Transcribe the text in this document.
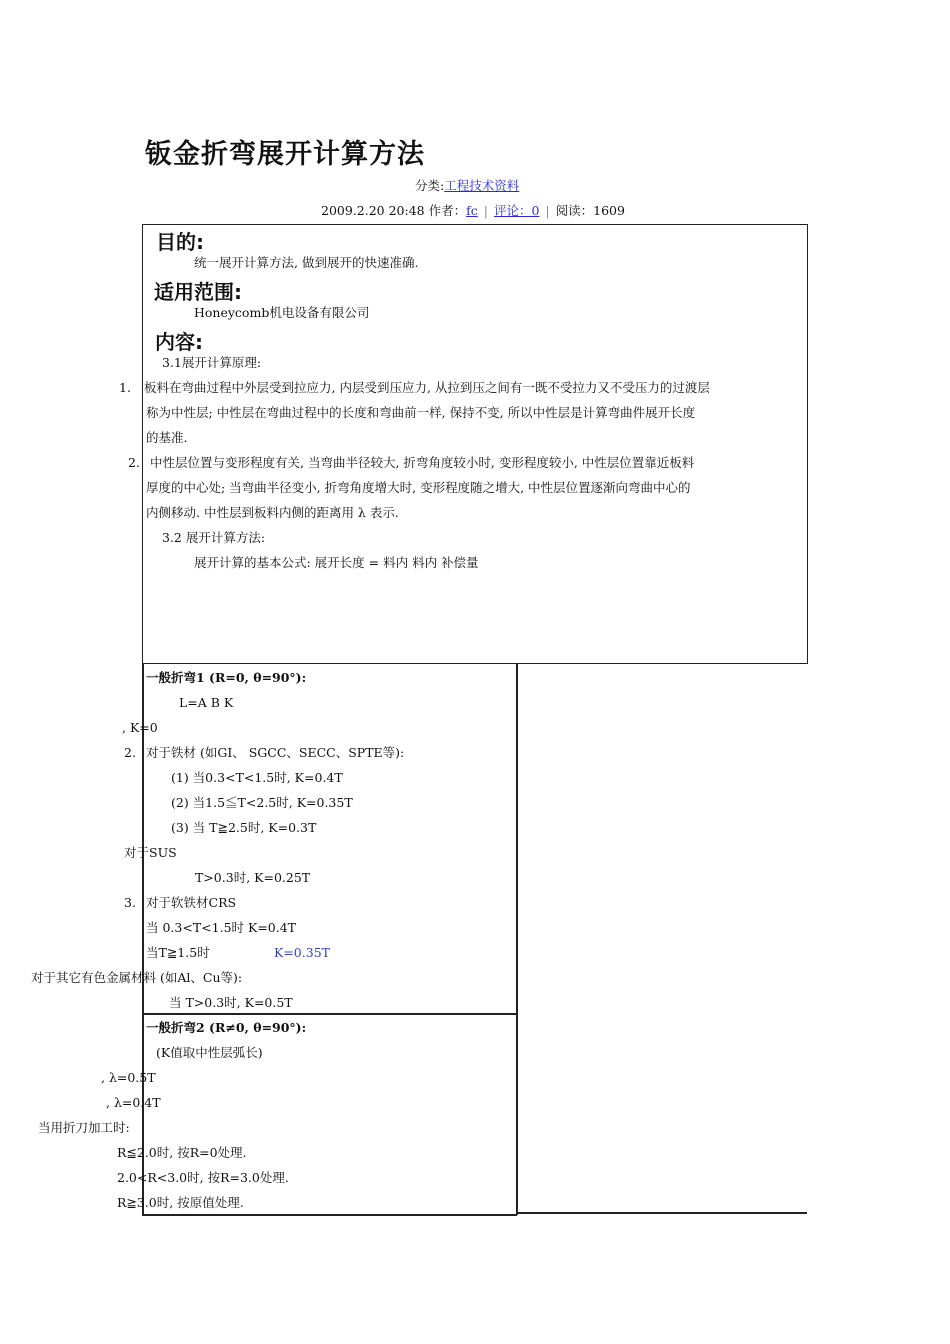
钣金折弯展开计算方法
分类:工程技术资料
2009.2.20 20:48 作者：fc | 评论：0 | 阅读：1609
目的:
统一展开计算方法, 做到展开的快速准确.
适用范围:
Honeycomb机电设备有限公司
内容:
3.1展开计算原理:
1. 板料在弯曲过程中外层受到拉应力, 内层受到压应力, 从拉到压之间有一既不受拉力又不受压力的过渡层
称为中性层; 中性层在弯曲过程中的长度和弯曲前一样, 保持不变, 所以中性层是计算弯曲件展开长度
的基准.
2. 中性层位置与变形程度有关, 当弯曲半径较大, 折弯角度较小时, 变形程度较小, 中性层位置靠近板料
厚度的中心处; 当弯曲半径变小, 折弯角度增大时, 变形程度随之增大, 中性层位置逐渐向弯曲中心的
内侧移动. 中性层到板料内侧的距离用 λ 表示.
3.2 展开计算方法:
展开计算的基本公式: 展开长度 = 料内 料内 补偿量
一般折弯1 (R=0, θ=90°):
L=A B K
, K=0
2. 对于铁材 (如GI、 SGCC、SECC、SPTE等):
(1) 当0.3<T<1.5时, K=0.4T
(2) 当1.5≦T<2.5时, K=0.35T
(3) 当 T≧2.5时, K=0.3T
对于SUS
T>0.3时, K=0.25T
3. 对于软铁材CRS
当 0.3<T<1.5时 K=0.4T
当T≧1.5时	K=0.35T
对于其它有色金属材料 (如Al、Cu等):
当 T>0.3时, K=0.5T
一般折弯2 (R≠0, θ=90°):
(K值取中性层弧长)
, λ=0.5T
, λ=0.4T
当用折刀加工时:
R≦2.0时, 按R=0处理.
2.0<R<3.0时, 按R=3.0处理.
R≧3.0时, 按原值处理.
